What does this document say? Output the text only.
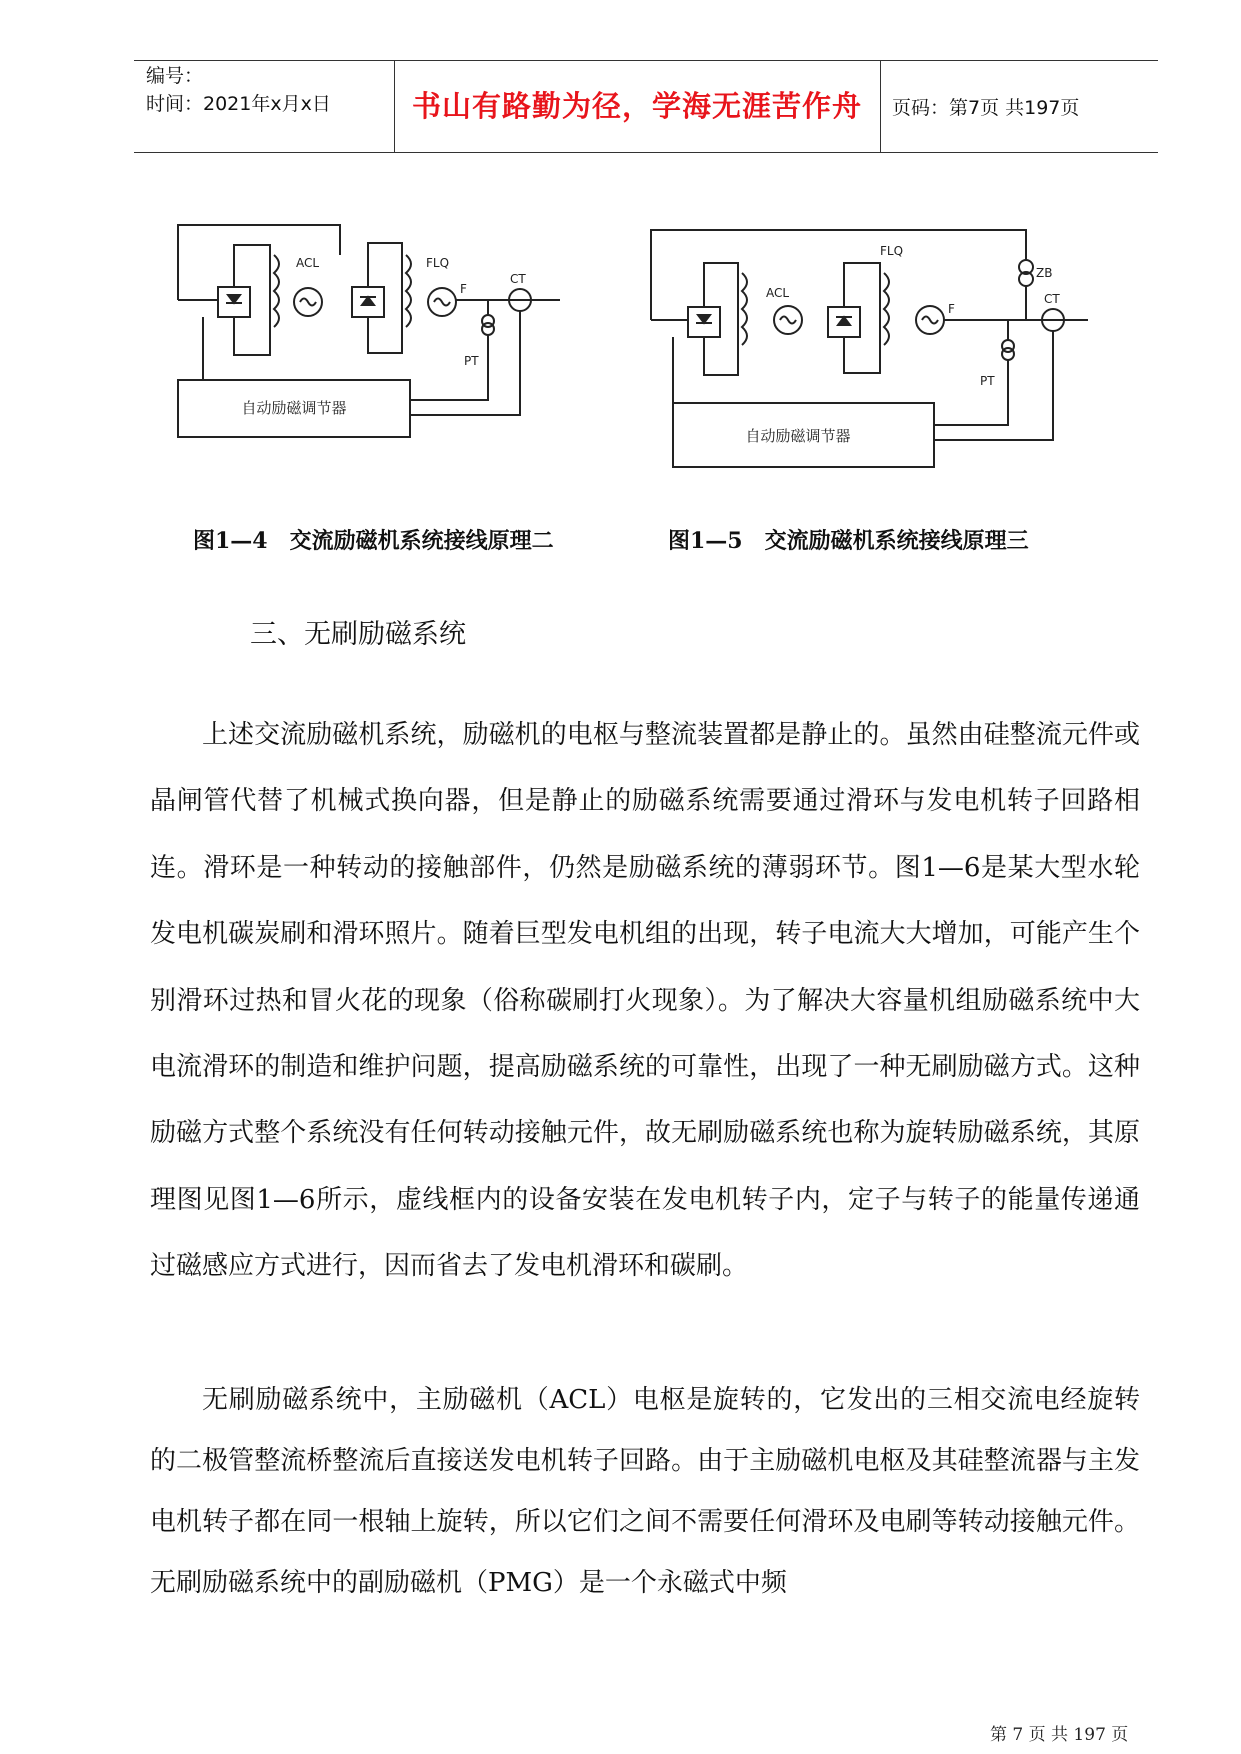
编号：
时间：2021年x月x日	书山有路勤为径，学海无涯苦作舟	页码：第7页 共197页
ACL	FLQ
F
CT
PT
自动励磁调节器
ACL
FLQ
F
ZB
CT
PT
自动励磁调节器
图1—4　交流励磁机系统接线原理二	图1—5　交流励磁机系统接线原理三
三、无刷励磁系统

上述交流励磁机系统，励磁机的电枢与整流装置都是静止的。虽然由硅整流元件或晶闸管代替了机械式换向器，但是静止的励磁系统需要通过滑环与发电机转子回路相连。滑环是一种转动的接触部件，仍然是励磁系统的薄弱环节。图1—6是某大型水轮发电机碳炭刷和滑环照片。随着巨型发电机组的出现，转子电流大大增加，可能产生个别滑环过热和冒火花的现象（俗称碳刷打火现象）。为了解决大容量机组励磁系统中大电流滑环的制造和维护问题，提高励磁系统的可靠性，出现了一种无刷励磁方式。这种励磁方式整个系统没有任何转动接触元件，故无刷励磁系统也称为旋转励磁系统，其原理图见图1—6所示，虚线框内的设备安装在发电机转子内，定子与转子的能量传递通过磁感应方式进行，因而省去了发电机滑环和碳刷。

无刷励磁系统中，主励磁机（ACL）电枢是旋转的，它发出的三相交流电经旋转的二极管整流桥整流后直接送发电机转子回路。由于主励磁机电枢及其硅整流器与主发电机转子都在同一根轴上旋转，所以它们之间不需要任何滑环及电刷等转动接触元件。无刷励磁系统中的副励磁机（PMG）是一个永磁式中频

第 7 页 共 197 页
